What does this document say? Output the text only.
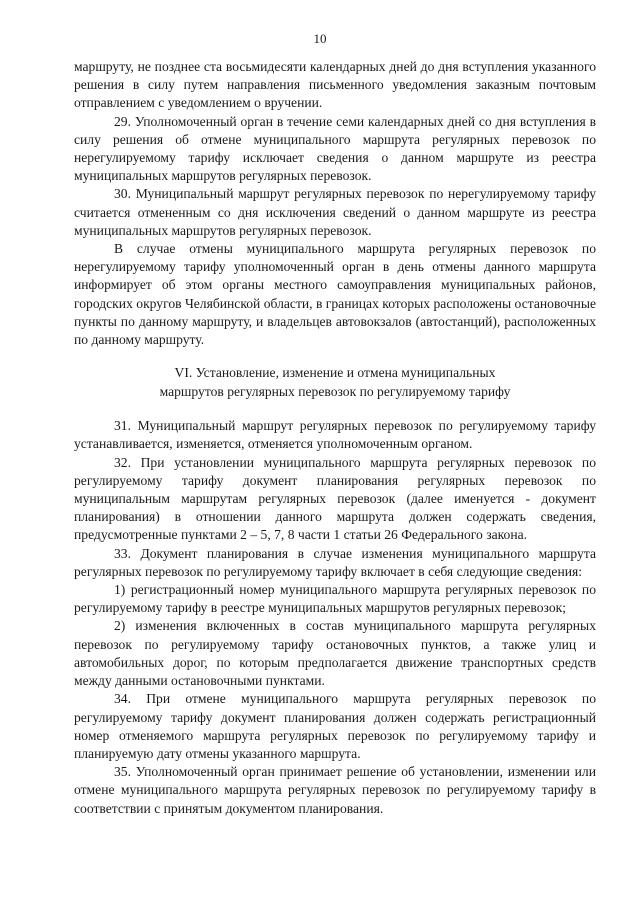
10

маршруту, не позднее ста восьмидесяти календарных дней до дня вступления указанного решения в силу путем направления письменного уведомления заказным почтовым отправлением с уведомлением о вручении.

29. Уполномоченный орган в течение семи календарных дней со дня вступления в силу решения об отмене муниципального маршрута регулярных перевозок по нерегулируемому тарифу исключает сведения о данном маршруте из реестра муниципальных маршрутов регулярных перевозок.

30. Муниципальный маршрут регулярных перевозок по нерегулируемому тарифу считается отмененным со дня исключения сведений о данном маршруте из реестра муниципальных маршрутов регулярных перевозок.

В случае отмены муниципального маршрута регулярных перевозок по нерегулируемому тарифу уполномоченный орган в день отмены данного маршрута информирует об этом органы местного самоуправления муниципальных районов, городских округов Челябинской области, в границах которых расположены остановочные пункты по данному маршруту, и владельцев автовокзалов (автостанций), расположенных по данному маршруту.

VI. Установление, изменение и отмена муниципальных
маршрутов регулярных перевозок по регулируемому тарифу

31. Муниципальный маршрут регулярных перевозок по регулируемому тарифу устанавливается, изменяется, отменяется уполномоченным органом.

32. При установлении муниципального маршрута регулярных перевозок по регулируемому тарифу документ планирования регулярных перевозок по муниципальным маршрутам регулярных перевозок (далее именуется - документ планирования) в отношении данного маршрута должен содержать сведения, предусмотренные пунктами 2 – 5, 7, 8 части 1 статьи 26 Федерального закона.

33. Документ планирования в случае изменения муниципального маршрута регулярных перевозок по регулируемому тарифу включает в себя следующие сведения:

1) регистрационный номер муниципального маршрута регулярных перевозок по регулируемому тарифу в реестре муниципальных маршрутов регулярных перевозок;

2) изменения включенных в состав муниципального маршрута регулярных перевозок по регулируемому тарифу остановочных пунктов, а также улиц и автомобильных дорог, по которым предполагается движение транспортных средств между данными остановочными пунктами.

34. При отмене муниципального маршрута регулярных перевозок по регулируемому тарифу документ планирования должен содержать регистрационный номер отменяемого маршрута регулярных перевозок по регулируемому тарифу и планируемую дату отмены указанного маршрута.

35. Уполномоченный орган принимает решение об установлении, изменении или отмене муниципального маршрута регулярных перевозок по регулируемому тарифу в соответствии с принятым документом планирования.
